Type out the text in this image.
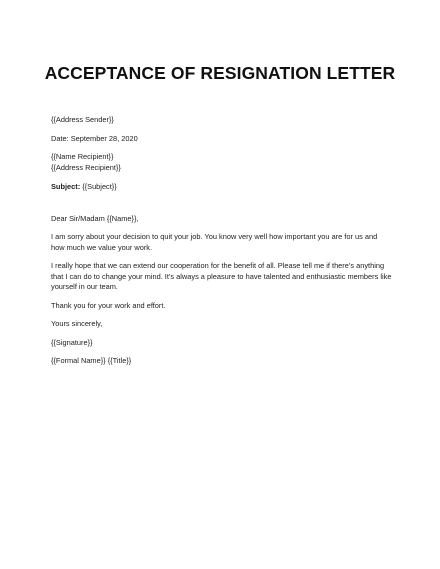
ACCEPTANCE OF RESIGNATION LETTER
{{Address Sender}}
Date: September 28, 2020
{{Name Recipient}}
{{Address Recipient}}
Subject: {{Subject}}
Dear Sir/Madam {{Name}},
I am sorry about your decision to quit your job. You know very well how important you are for us and
how much we value your work.
I really hope that we can extend our cooperation for the benefit of all. Please tell me if there’s anything
that I can do to change your mind. It’s always a pleasure to have talented and enthusiastic members like
yourself in our team.
Thank you for your work and effort.
Yours sincerely,
{{Signature}}
{{Formal Name}} {{Title}}
